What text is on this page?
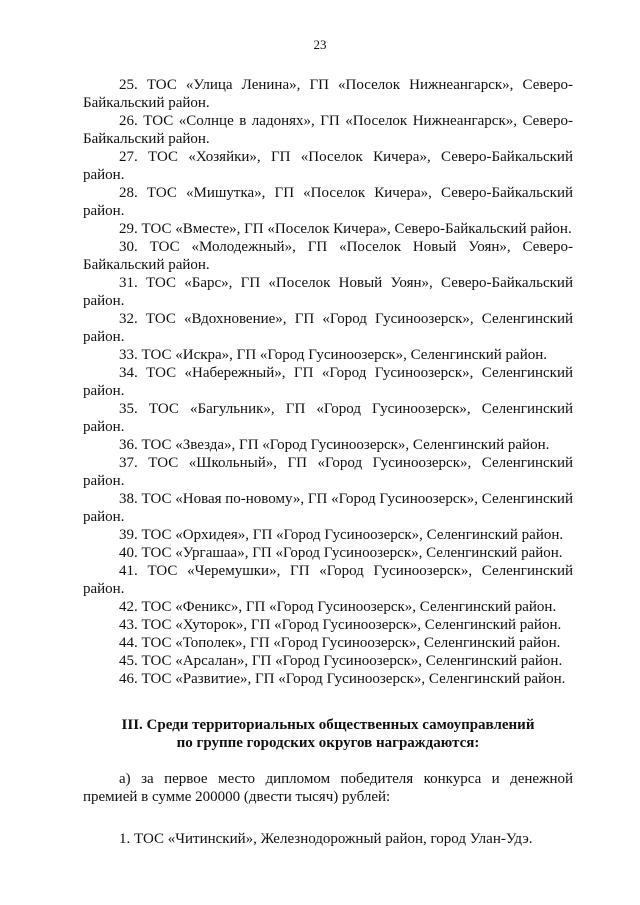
23

25. ТОС «Улица Ленина», ГП «Поселок Нижнеангарск», Северо-Байкальский район.

26. ТОС «Солнце в ладонях», ГП «Поселок Нижнеангарск», Северо-Байкальский район.

27. ТОС «Хозяйки», ГП «Поселок Кичера», Северо-Байкальский район.

28. ТОС «Мишутка», ГП «Поселок Кичера», Северо-Байкальский район.

29. ТОС «Вместе», ГП «Поселок Кичера», Северо-Байкальский район.

30. ТОС «Молодежный», ГП «Поселок Новый Уоян», Северо-Байкальский район.

31. ТОС «Барс», ГП «Поселок Новый Уоян», Северо-Байкальский район.

32. ТОС «Вдохновение», ГП «Город Гусиноозерск», Селенгинский район.

33. ТОС «Искра», ГП «Город Гусиноозерск», Селенгинский район.

34. ТОС «Набережный», ГП «Город Гусиноозерск», Селенгинский район.

35. ТОС «Багульник», ГП «Город Гусиноозерск», Селенгинский район.

36. ТОС «Звезда», ГП «Город Гусиноозерск», Селенгинский район.

37. ТОС «Школьный», ГП «Город Гусиноозерск», Селенгинский район.

38. ТОС «Новая по-новому», ГП «Город Гусиноозерск», Селенгинский район.

39. ТОС «Орхидея», ГП «Город Гусиноозерск», Селенгинский район.

40. ТОС «Ургашаа», ГП «Город Гусиноозерск», Селенгинский район.

41. ТОС «Черемушки», ГП «Город Гусиноозерск», Селенгинский район.

42. ТОС «Феникс», ГП «Город Гусиноозерск», Селенгинский район.

43. ТОС «Хуторок», ГП «Город Гусиноозерск», Селенгинский район.

44. ТОС «Тополек», ГП «Город Гусиноозерск», Селенгинский район.

45. ТОС «Арсалан», ГП «Город Гусиноозерск», Селенгинский район.

46. ТОС «Развитие», ГП «Город Гусиноозерск», Селенгинский район.

III. Среди территориальных общественных самоуправлений
по группе городских округов награждаются:

а) за первое место дипломом победителя конкурса и денежной премией в сумме 200000 (двести тысяч) рублей:

1. ТОС «Читинский», Железнодорожный район, город Улан-Удэ.
